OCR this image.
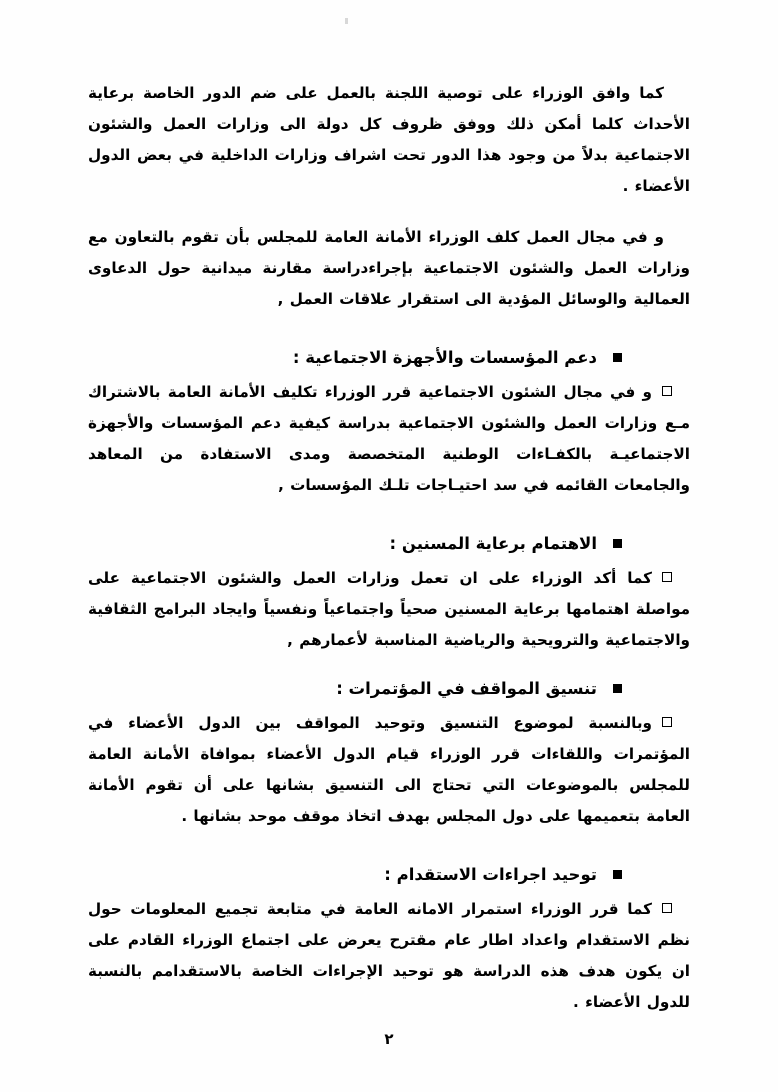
كما وافق الوزراء على توصية اللجنة بالعمل على ضم الدور الخاصة برعاية الأحداث كلما أمكن ذلك ووفق ظروف كل دولة الى وزارات العمل والشئون الاجتماعية بدلاً من وجود هذا الدور تحت اشراف وزارات الداخلية في بعض الدول الأعضاء .

و في مجال العمل كلف الوزراء الأمانة العامة للمجلس بأن تقوم بالتعاون مع وزارات العمل والشئون الاجتماعية بإجراءدراسة مقارنة ميدانية حول الدعاوى العمالية والوسائل المؤدية الى استقرار علاقات العمل ,

دعم المؤسسات والأجهزة الاجتماعية :

و في مجال الشئون الاجتماعية قرر الوزراء تكليف الأمانة العامة بالاشتراك مـع وزارات العمل والشئون الاجتماعية بدراسة كيفية دعم المؤسسات والأجهزة الاجتماعيـة بالكفـاءات الوطنية المتخصصة ومدى الاستفادة من المعاهد والجامعات القائمه في سد احتيـاجات تلـك المؤسسات ,

الاهتمام برعاية المسنين :

كما أكد الوزراء على ان تعمل وزارات العمل والشئون الاجتماعية على مواصلة اهتمامها برعاية المسنين صحياً واجتماعياً ونفسياً وايجاد البرامج الثقافية والاجتماعية والترويحية والرياضية المناسبة لأعمارهم ,

تنسيق المواقف في المؤتمرات :

وبالنسبة لموضوع التنسيق وتوحيد المواقف بين الدول الأعضاء في المؤتمرات واللقاءات قرر الوزراء قيام الدول الأعضاء بموافاة الأمانة العامة للمجلس بالموضوعات التي تحتاج الى التنسيق بشانها على أن تقوم الأمانة العامة بتعميمها على دول المجلس بهدف اتخاذ موقف موحد بشانها .

توحيد اجراءات الاستقدام :

كما قرر الوزراء استمرار الامانه العامة في متابعة تجميع المعلومات حول نظم الاستقدام واعداد اطار عام مقترح يعرض على اجتماع الوزراء القادم على ان يكون هدف هذه الدراسة هو توحيد الإجراءات الخاصة بالاستقدامم بالنسبة للدول الأعضاء .

٢
